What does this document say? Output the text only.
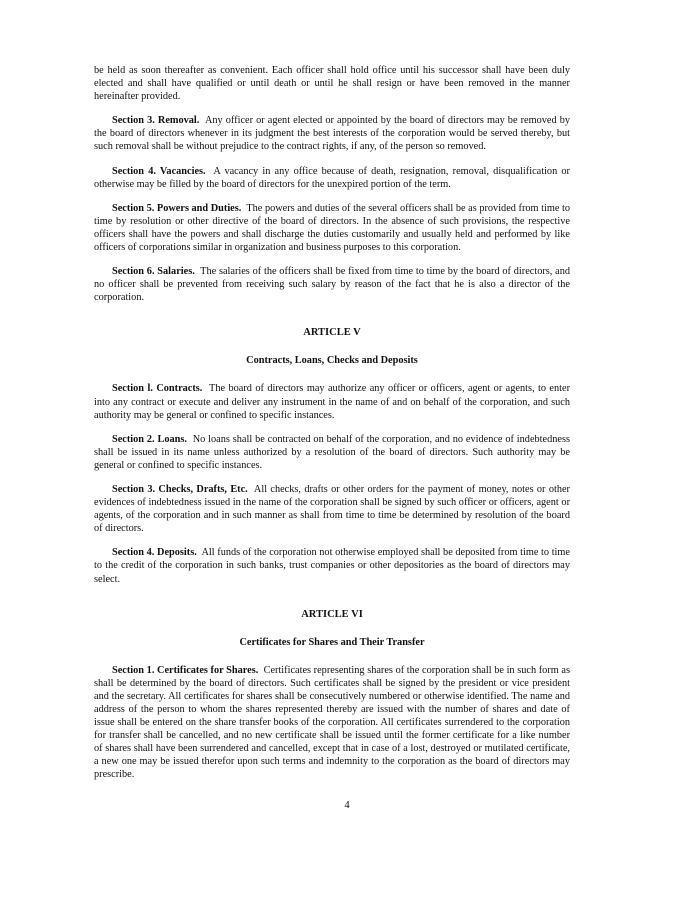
be held as soon thereafter as convenient. Each officer shall hold office until his successor shall have been duly elected and shall have qualified or until death or until he shall resign or have been removed in the manner hereinafter provided.

Section 3. Removal. Any officer or agent elected or appointed by the board of directors may be removed by the board of directors whenever in its judgment the best interests of the corporation would be served thereby, but such removal shall be without prejudice to the contract rights, if any, of the person so removed.

Section 4. Vacancies. A vacancy in any office because of death, resignation, removal, disqualification or otherwise may be filled by the board of directors for the unexpired portion of the term.

Section 5. Powers and Duties. The powers and duties of the several officers shall be as provided from time to time by resolution or other directive of the board of directors. In the absence of such provisions, the respective officers shall have the powers and shall discharge the duties customarily and usually held and performed by like officers of corporations similar in organization and business purposes to this corporation.

Section 6. Salaries. The salaries of the officers shall be fixed from time to time by the board of directors, and no officer shall be prevented from receiving such salary by reason of the fact that he is also a director of the corporation.

ARTICLE V
Contracts, Loans, Checks and Deposits

Section l. Contracts. The board of directors may authorize any officer or officers, agent or agents, to enter into any contract or execute and deliver any instrument in the name of and on behalf of the corporation, and such authority may be general or confined to specific instances.

Section 2. Loans. No loans shall be contracted on behalf of the corporation, and no evidence of indebtedness shall be issued in its name unless authorized by a resolution of the board of directors. Such authority may be general or confined to specific instances.

Section 3. Checks, Drafts, Etc. All checks, drafts or other orders for the payment of money, notes or other evidences of indebtedness issued in the name of the corporation shall be signed by such officer or officers, agent or agents, of the corporation and in such manner as shall from time to time be determined by resolution of the board of directors.

Section 4. Deposits. All funds of the corporation not otherwise employed shall be deposited from time to time to the credit of the corporation in such banks, trust companies or other depositories as the board of directors may select.

ARTICLE VI
Certificates for Shares and Their Transfer

Section 1. Certificates for Shares. Certificates representing shares of the corporation shall be in such form as shall be determined by the board of directors. Such certificates shall be signed by the president or vice president and the secretary. All certificates for shares shall be consecutively numbered or otherwise identified. The name and address of the person to whom the shares represented thereby are issued with the number of shares and date of issue shall be entered on the share transfer books of the corporation. All certificates surrendered to the corporation for transfer shall be cancelled, and no new certificate shall be issued until the former certificate for a like number of shares shall have been surrendered and cancelled, except that in case of a lost, destroyed or mutilated certificate, a new one may be issued therefor upon such terms and indemnity to the corporation as the board of directors may prescribe.

4
